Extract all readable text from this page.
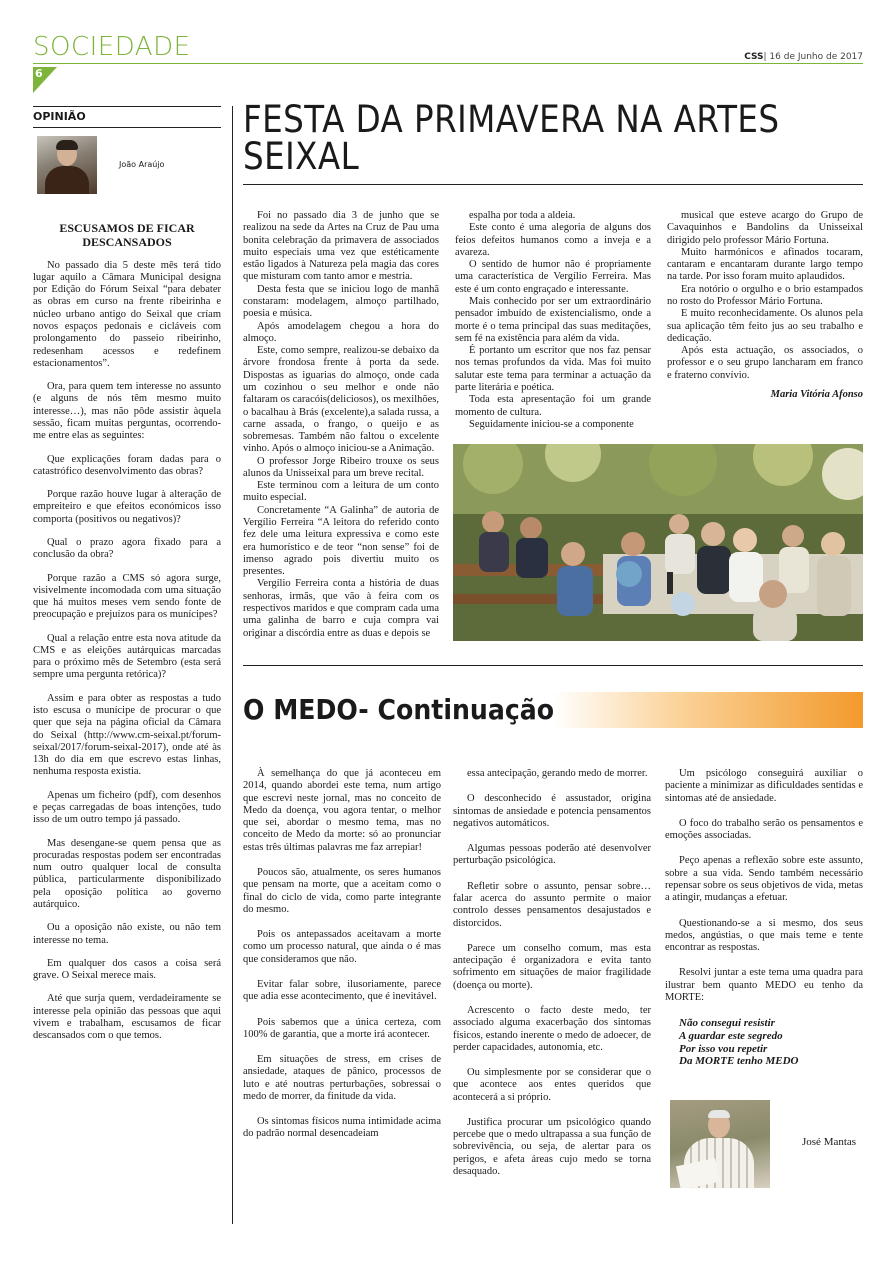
SOCIEDADE
6
CSS| 16 de Junho de 2017
OPINIÃO
João Araújo
ESCUSAMOS DE FICAR DESCANSADOS

No passado dia 5 deste mês terá tido lugar aquilo a Câmara Municipal designa por Edição do Fórum Seixal “para debater as obras em curso na frente ribeirinha e núcleo urbano antigo do Seixal que críam novos espaços pedonais e cicláveis com prolongamento do passeio ribeirinho, redesenham acessos e redefinem estacionamentos”.

Ora, para quem tem interesse no assunto (e alguns de nós têm mesmo muito interesse…), mas não pôde assistir àquela sessão, ficam muitas perguntas, ocorrendo-me entre elas as seguintes:

Que explicações foram dadas para o catastrófico desenvolvimento das obras?

Porque razão houve lugar à alteração de empreiteiro e que efeitos económicos isso comporta (positivos ou negativos)?

Qual o prazo agora fixado para a conclusão da obra?

Porque razão a CMS só agora surge, visivelmente incomodada com uma situação que há muitos meses vem sendo fonte de preocupação e prejuízos para os munícipes?

Qual a relação entre esta nova atitude da CMS e as eleições autárquicas marcadas para o próximo mês de Setembro (esta será sempre uma pergunta retórica)?

Assim e para obter as respostas a tudo isto escusa o munícipe de procurar o que quer que seja na página oficial da Câmara do Seixal (http://www.cm-seixal.pt/forum-seixal/2017/forum-seixal-2017), onde até às 13h do dia em que escrevo estas linhas, nenhuma resposta existia.

Apenas um ficheiro (pdf), com desenhos e peças carregadas de boas intenções, tudo isso de um outro tempo já passado.

Mas desengane-se quem pensa que as procuradas respostas podem ser encontradas num outro qualquer local de consulta pública, particularmente disponibilizado pela oposição política ao governo autárquico.

Ou a oposição não existe, ou não tem interesse no tema.

Em qualquer dos casos a coisa será grave. O Seixal merece mais.

Até que surja quem, verdadeiramente se interesse pela opinião das pessoas que aqui vivem e trabalham, escusamos de ficar descansados com o que temos.

FESTA DA PRIMAVERA NA ARTES SEIXAL

Foi no passado dia 3 de junho que se realizou na sede da Artes na Cruz de Pau uma bonita celebração da primavera de associados muito especiais uma vez que estéticamente estão ligados à Natureza pela magia das cores que misturam com tanto amor e mestria.

Desta festa que se iniciou logo de manhã constaram: modelagem, almoço partilhado, poesia e música.

Após amodelagem chegou a hora do almoço.

Este, como sempre, realizou-se debaixo da árvore frondosa frente à porta da sede. Dispostas as iguarias do almoço, onde cada um cozinhou o seu melhor e onde não faltaram os caracóis(deliciosos), os mexilhões, o bacalhau à Brás (excelente),a salada russa, a carne assada, o frango, o queijo e as sobremesas. Também não faltou o excelente vinho. Após o almoço iniciou-se a Animação.

O professor Jorge Ribeiro trouxe os seus alunos da Unisseixal para um breve recital.

Este terminou com a leitura de um conto muito especial.

Concretamente “A Galinha” de autoria de Vergílio Ferreira “A leitora do referido conto fez dele uma leitura expressiva e como este era humorístico e de teor “non sense” foi de imenso agrado pois divertiu muito os presentes.

Vergílio Ferreira conta a história de duas senhoras, irmãs, que vão à feira com os respectivos maridos e que compram cada uma uma galinha de barro e cuja compra vai originar a discórdia entre as duas e depois se

espalha por toda a aldeia.

Este conto é uma alegoria de alguns dos feios defeitos humanos como a inveja e a avareza.

O sentido de humor não é propriamente uma característica de Vergílio Ferreira. Mas este é um conto engraçado e interessante.

Mais conhecido por ser um extraordinário pensador imbuído de existencialismo, onde a morte é o tema principal das suas meditações, sem fé na existência para além da vida.

É portanto um escritor que nos faz pensar nos temas profundos da vida. Mas foi muito salutar este tema para terminar a actuação da parte literária e poética.

Toda esta apresentação foi um grande momento de cultura.

Seguidamente iniciou-se a componente

musical que esteve acargo do Grupo de Cavaquinhos e Bandolins da Unisseixal dirigido pelo professor Mário Fortuna.

Muito harmónicos e afinados tocaram, cantaram e encantaram durante largo tempo na tarde. Por isso foram muito aplaudidos.

Era notório o orgulho e o brio estampados no rosto do Professor Mário Fortuna.

E muito reconhecidamente. Os alunos pela sua aplicação têm feito jus ao seu trabalho e dedicação.

Após esta actuação, os associados, o professor e o seu grupo lancharam em franco e fraterno convívio.

Maria Vitória Afonso

O MEDO- Continuação

À semelhança do que já aconteceu em 2014, quando abordei este tema, num artigo que escrevi neste jornal, mas no conceito de Medo da doença, vou agora tentar, o melhor que sei, abordar o mesmo tema, mas no conceito de Medo da morte: só ao pronunciar estas três últimas palavras me faz arrepiar!

Poucos são, atualmente, os seres humanos que pensam na morte, que a aceitam como o final do ciclo de vida, como parte integrante do mesmo.

Pois os antepassados aceitavam a morte como um processo natural, que ainda o é mas que consideramos que não.

Evitar falar sobre, ilusoriamente, parece que adia esse acontecimento, que é inevitável.

Pois sabemos que a única certeza, com 100% de garantia, que a morte irá acontecer.

Em situações de stress, em crises de ansiedade, ataques de pânico, processos de luto e até noutras perturbações, sobressai o medo de morrer, da finitude da vida.

Os sintomas físicos numa intimidade acima do padrão normal desencadeiam

essa antecipação, gerando medo de morrer.

O desconhecido é assustador, origina sintomas de ansiedade e potencia pensamentos negativos automáticos.

Algumas pessoas poderão até desenvolver perturbação psicológica.

Refletir sobre o assunto, pensar sobre… falar acerca do assunto permite o maior controlo desses pensamentos desajustados e distorcidos.

Parece um conselho comum, mas esta antecipação é organizadora e evita tanto sofrimento em situações de maior fragilidade (doença ou morte).

Acrescento o facto deste medo, ter associado alguma exacerbação dos sintomas físicos, estando inerente o medo de adoecer, de perder capacidades, autonomia, etc.

Ou simplesmente por se considerar que o que acontece aos entes queridos que acontecerá a si próprio.

Justifica procurar um psicológico quando percebe que o medo ultrapassa a sua função de sobrevivência, ou seja, de alertar para os perigos, e afeta áreas cujo medo se torna desaquado.

Um psicólogo conseguirá auxiliar o paciente a minimizar as dificuldades sentidas e sintomas até de ansiedade.

O foco do trabalho serão os pensamentos e emoções associadas.

Peço apenas a reflexão sobre este assunto, sobre a sua vida. Sendo também necessário repensar sobre os seus objetivos de vida, metas a atingir, mudanças a efetuar.

Questionando-se a si mesmo, dos seus medos, angústias, o que mais teme e tente encontrar as respostas.

Resolvi juntar a este tema uma quadra para ilustrar bem quanto MEDO eu tenho da MORTE:

Não consegui resistir
A guardar este segredo
Por isso vou repetir
Da MORTE tenho MEDO

José Mantas
